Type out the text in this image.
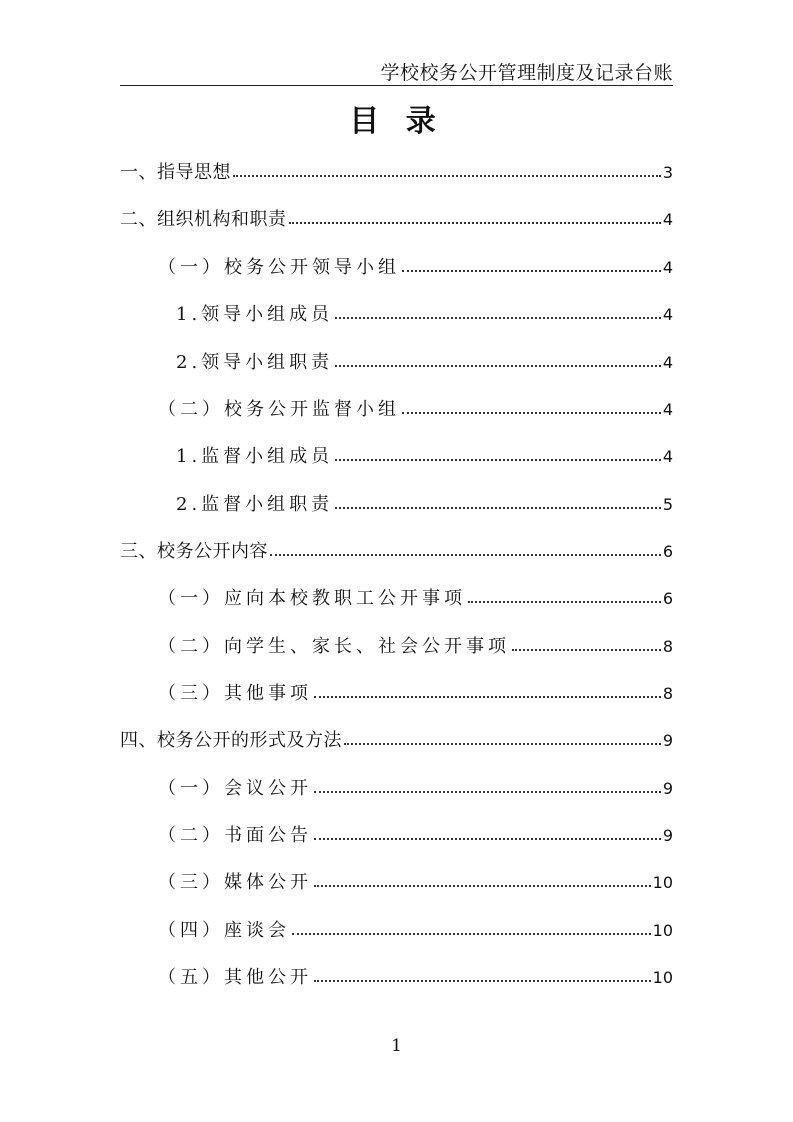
学校校务公开管理制度及记录台账
目 录
一、指导思想	3
二、组织机构和职责	4
（一）校务公开领导小组	4
1.领导小组成员	4
2.领导小组职责	4
（二）校务公开监督小组	4
1.监督小组成员	4
2.监督小组职责	5
三、校务公开内容	6
（一）应向本校教职工公开事项	6
（二）向学生、家长、社会公开事项	8
（三）其他事项	8
四、校务公开的形式及方法	9
（一）会议公开	9
（二）书面公告	9
（三）媒体公开	10
（四）座谈会	10
（五）其他公开	10
1
